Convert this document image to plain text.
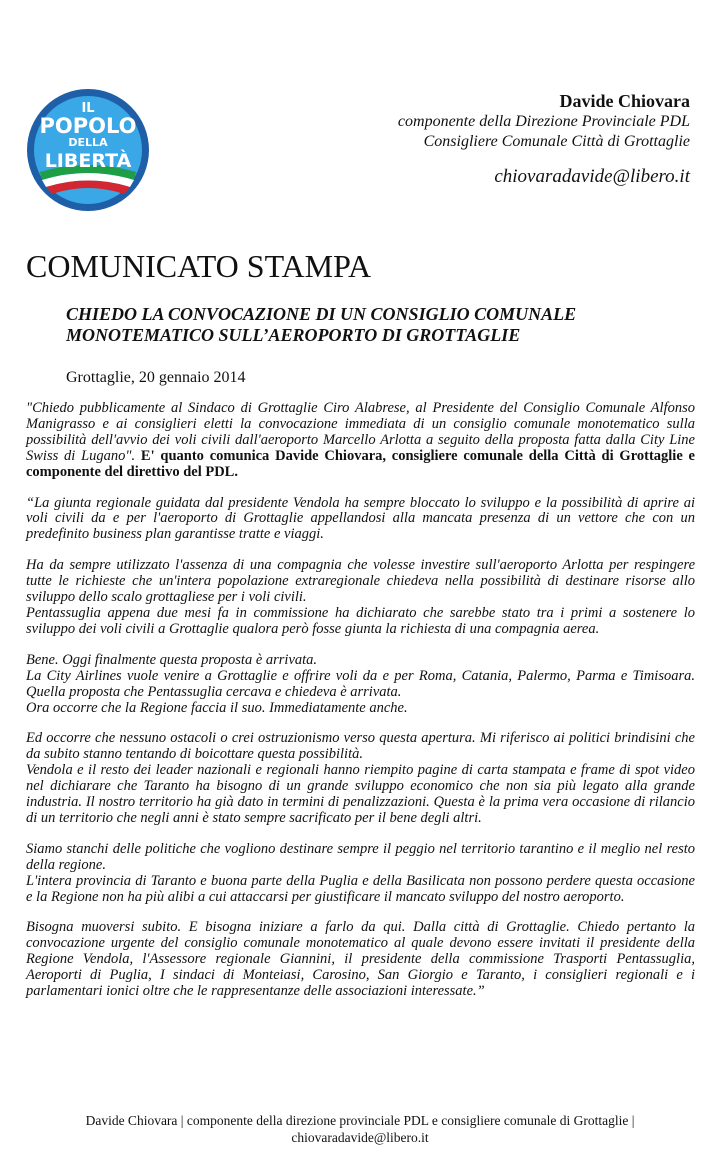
IL
POPOLO
DELLA
LIBERTÀ
Davide Chiovara
componente della Direzione Provinciale PDL
Consigliere Comunale Città di Grottaglie
chiovaradavide@libero.it
COMUNICATO STAMPA
CHIEDO LA CONVOCAZIONE DI UN CONSIGLIO COMUNALE
MONOTEMATICO SULL’AEROPORTO DI GROTTAGLIE
Grottaglie, 20 gennaio 2014

"Chiedo pubblicamente al Sindaco di Grottaglie Ciro Alabrese, al Presidente del Consiglio Comunale Alfonso Manigrasso e ai consiglieri eletti la convocazione immediata di un consiglio comunale monotematico sulla possibilità dell'avvio dei voli civili dall'aeroporto Marcello Arlotta a seguito della proposta fatta dalla City Line Swiss di Lugano". E' quanto comunica Davide Chiovara, consigliere comunale della Città di Grottaglie e componente del direttivo del PDL.

“La giunta regionale guidata dal presidente Vendola ha sempre bloccato lo sviluppo e la possibilità di aprire ai voli civili da e per l'aeroporto di Grottaglie appellandosi alla mancata presenza di un vettore che con un predefinito business plan garantisse tratte e viaggi.

Ha da sempre utilizzato l'assenza di una compagnia che volesse investire sull'aeroporto Arlotta per respingere tutte le richieste che un'intera popolazione extraregionale chiedeva nella possibilità di destinare risorse allo sviluppo dello scalo grottagliese per i voli civili.

Pentassuglia appena due mesi fa in commissione ha dichiarato che sarebbe stato tra i primi a sostenere lo sviluppo dei voli civili a Grottaglie qualora però fosse giunta la richiesta di una compagnia aerea.

Bene. Oggi finalmente questa proposta è arrivata.

La City Airlines vuole venire a Grottaglie e offrire voli da e per Roma, Catania, Palermo, Parma e Timisoara. Quella proposta che Pentassuglia cercava e chiedeva è arrivata.

Ora occorre che la Regione faccia il suo. Immediatamente anche.

Ed occorre che nessuno ostacoli o crei ostruzionismo verso questa apertura. Mi riferisco ai politici brindisini che da subito stanno tentando di boicottare questa possibilità.

Vendola e il resto dei leader nazionali e regionali hanno riempito pagine di carta stampata e frame di spot video nel dichiarare che Taranto ha bisogno di un grande sviluppo economico che non sia più legato alla grande industria. Il nostro territorio ha già dato in termini di penalizzazioni. Questa è la prima vera occasione di rilancio di un territorio che negli anni è stato sempre sacrificato per il bene degli altri.

Siamo stanchi delle politiche che vogliono destinare sempre il peggio nel territorio tarantino e il meglio nel resto della regione.

L'intera provincia di Taranto e buona parte della Puglia e della Basilicata non possono perdere questa occasione e la Regione non ha più alibi a cui attaccarsi per giustificare il mancato sviluppo del nostro aeroporto.

Bisogna muoversi subito. E bisogna iniziare a farlo da qui. Dalla città di Grottaglie. Chiedo pertanto la convocazione urgente del consiglio comunale monotematico al quale devono essere invitati il presidente della Regione Vendola, l'Assessore regionale Giannini, il presidente della commissione Trasporti Pentassuglia, Aeroporti di Puglia, I sindaci di Monteiasi, Carosino, San Giorgio e Taranto, i consiglieri regionali e i parlamentari ionici oltre che le rappresentanze delle associazioni interessate.”

Davide Chiovara | componente della direzione provinciale PDL e consigliere comunale di Grottaglie |
chiovaradavide@libero.it
